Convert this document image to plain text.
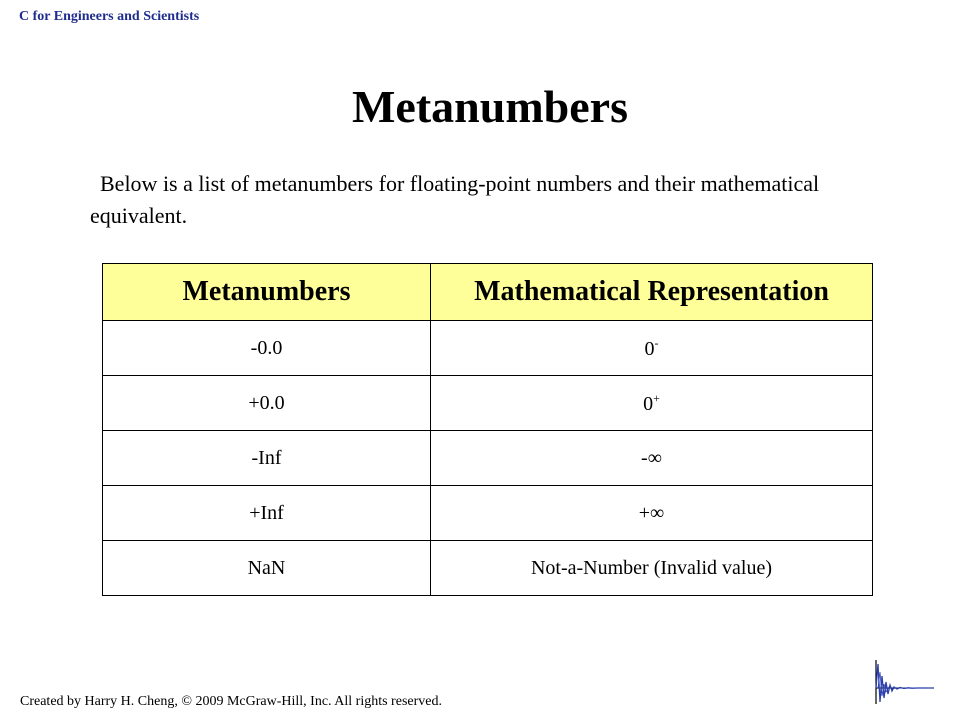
C for Engineers and Scientists
Metanumbers

Below is a list of metanumbers for floating-point numbers and their mathematical equivalent.

Metanumbers	Mathematical Representation
-0.0	0-
+0.0	0+
-Inf	-∞
+Inf	+∞
NaN	Not-a-Number (Invalid value)
Created by Harry H. Cheng, © 2009 McGraw-Hill, Inc. All rights reserved.
